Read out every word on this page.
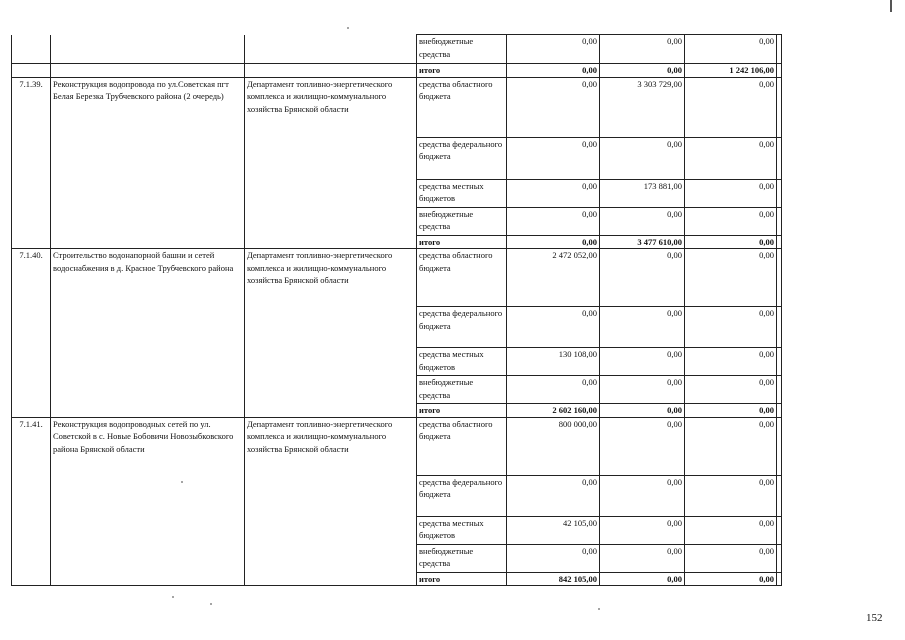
			внебюджетные средства	0,00	0,00	0,00	
			итого	0,00	0,00	1 242 106,00	
7.1.39.	Реконструкция водопровода по ул.Советская пгт Белая Березка Трубчевского района (2 очередь)	Департамент топливно-энергетического комплекса и жилищно-коммунального хозяйства Брянской области	средства областного бюджета	0,00	3 303 729,00	0,00	
			средства федерального бюджета	0,00	0,00	0,00	
			средства местных бюджетов	0,00	173 881,00	0,00	
			внебюджетные средства	0,00	0,00	0,00	
			итого	0,00	3 477 610,00	0,00	
7.1.40.	Строительство водонапорной башни и сетей водоснабжения в д. Красное Трубчевского района	Департамент топливно-энергетического комплекса и жилищно-коммунального хозяйства Брянской области	средства областного бюджета	2 472 052,00	0,00	0,00	
			средства федерального бюджета	0,00	0,00	0,00	
			средства местных бюджетов	130 108,00	0,00	0,00	
			внебюджетные средства	0,00	0,00	0,00	
			итого	2 602 160,00	0,00	0,00	
7.1.41.	Реконструкция водопроводных сетей по ул. Советской в с. Новые Бобовичи Новозыбковского района Брянской области	Департамент топливно-энергетического комплекса и жилищно-коммунального хозяйства Брянской области	средства областного бюджета	800 000,00	0,00	0,00	
			средства федерального бюджета	0,00	0,00	0,00	
			средства местных бюджетов	42 105,00	0,00	0,00	
			внебюджетные средства	0,00	0,00	0,00	
			итого	842 105,00	0,00	0,00	
152
